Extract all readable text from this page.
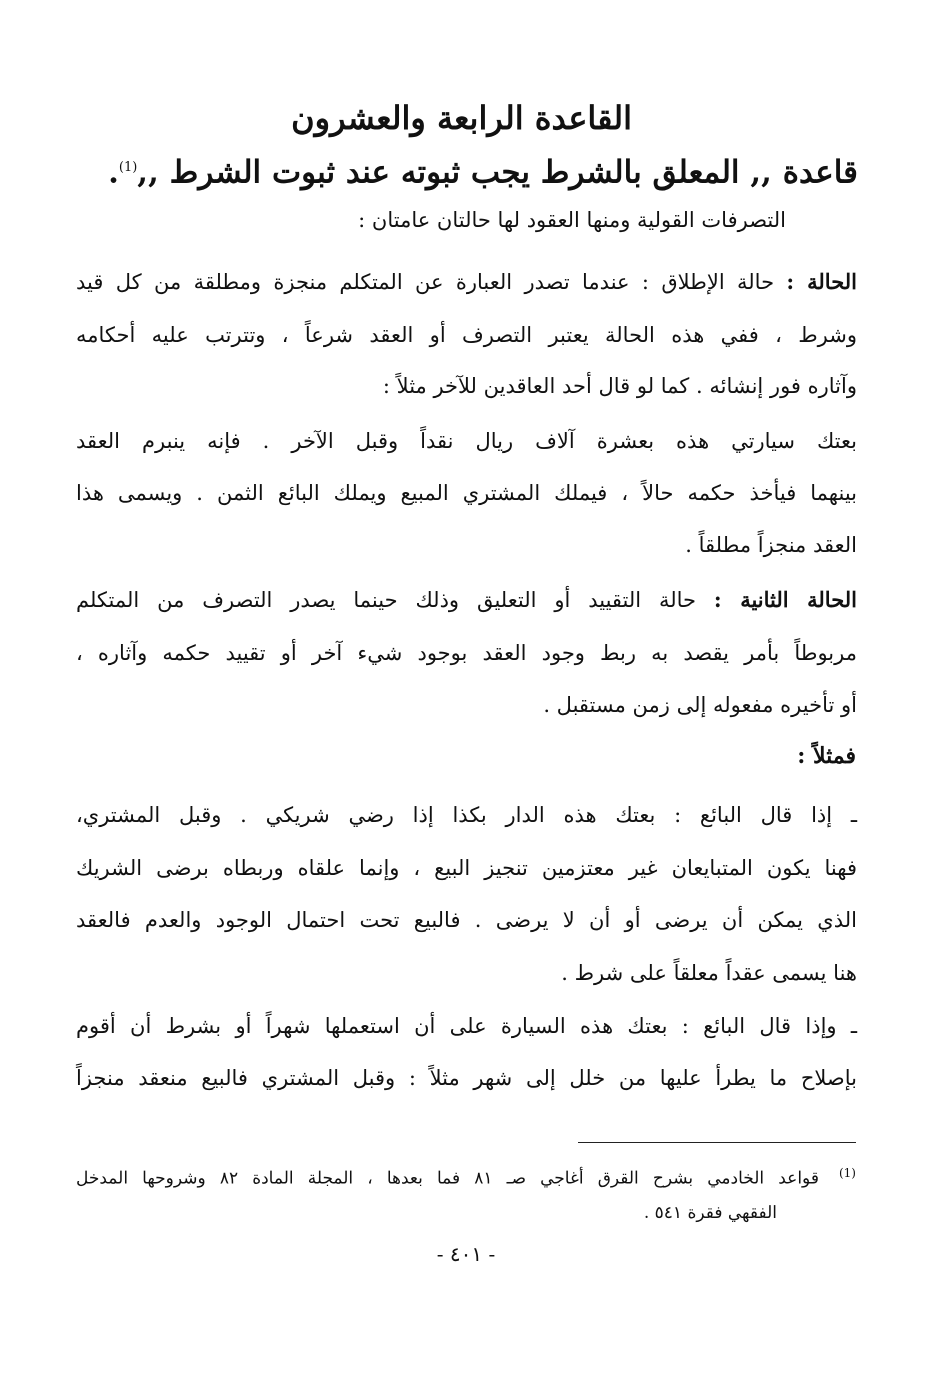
القاعدة الرابعة والعشرون
قاعدة ,, المعلق بالشرط يجب ثبوته عند ثبوت الشرط ,,$^{(1)}$.
التصرفات القولية ومنها العقود لها حالتان عامتان :
الحالة : حالة الإطلاق : عندما تصدر العبارة عن المتكلم منجزة ومطلقة من كل قيد
وشرط ، ففي هذه الحالة يعتبر التصرف أو العقد شرعاً ، وتترتب عليه أحكامه
وآثاره فور إنشائه . كما لو قال أحد العاقدين للآخر مثلاً :
بعتك سيارتي هذه بعشرة آلاف ريال نقداً وقبل الآخر . فإنه ينبرم العقد
بينهما فيأخذ حكمه حالاً ، فيملك المشتري المبيع ويملك البائع الثمن . ويسمى هذا
العقد منجزاً مطلقاً .
الحالة الثانية : حالة التقييد أو التعليق وذلك حينما يصدر التصرف من المتكلم
مربوطاً بأمر يقصد به ربط وجود العقد بوجود شيء آخر أو تقييد حكمه وآثاره ،
أو تأخيره مفعوله إلى زمن مستقبل .
فمثلاً :
ـ إذا قال البائع : بعتك هذه الدار بكذا إذا رضي شريكي . وقبل المشتري،
فهنا يكون المتبايعان غير معتزمين تنجيز البيع ، وإنما علقاه وربطاه برضى الشريك
الذي يمكن أن يرضى أو أن لا يرضى . فالبيع تحت احتمال الوجود والعدم فالعقد
هنا يسمى عقداً معلقاً على شرط .
ـ وإذا قال البائع : بعتك هذه السيارة على أن استعملها شهراً أو بشرط أن أقوم
بإصلاح ما يطرأ عليها من خلل إلى شهر مثلاً : وقبل المشتري فالبيع منعقد منجزاً
$^{(1)}$قواعد الخادمي بشرح القرق أغاجي صـ ٨١ فما بعدها ، المجلة المادة ٨٢ وشروحها المدخل
الفقهي فقرة ٥٤١ .
- ٤٠١ -
